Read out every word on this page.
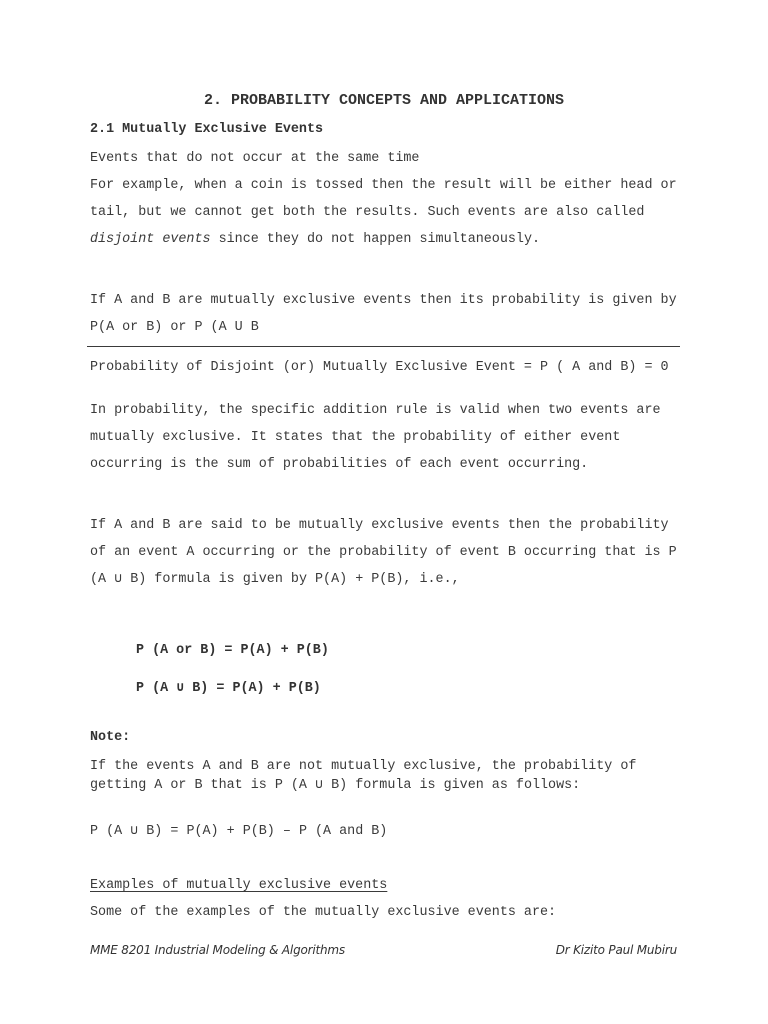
2. PROBABILITY CONCEPTS AND APPLICATIONS
2.1 Mutually Exclusive Events
Events that do not occur at the same time
For example, when a coin is tossed then the result will be either head or tail, but we cannot get both the results. Such events are also called disjoint events since they do not happen simultaneously.
If A and B are mutually exclusive events then its probability is given by P(A or B) or P (A U B
Probability of Disjoint (or) Mutually Exclusive Event = P ( A and B) = 0
In probability, the specific addition rule is valid when two events are mutually exclusive. It states that the probability of either event occurring is the sum of probabilities of each event occurring.
If A and B are said to be mutually exclusive events then the probability of an event A occurring or the probability of event B occurring that is P (A ∪ B) formula is given by P(A) + P(B), i.e.,
P (A or B) = P(A) + P(B)
P (A ∪ B) = P(A) + P(B)
Note:
If the events A and B are not mutually exclusive, the probability of getting A or B that is P (A ∪ B) formula is given as follows:
P (A ∪ B) = P(A) + P(B) – P (A and B)
Examples of mutually exclusive events
Some of the examples of the mutually exclusive events are:
MME 8201 Industrial Modeling & Algorithms	Dr Kizito Paul Mubiru
